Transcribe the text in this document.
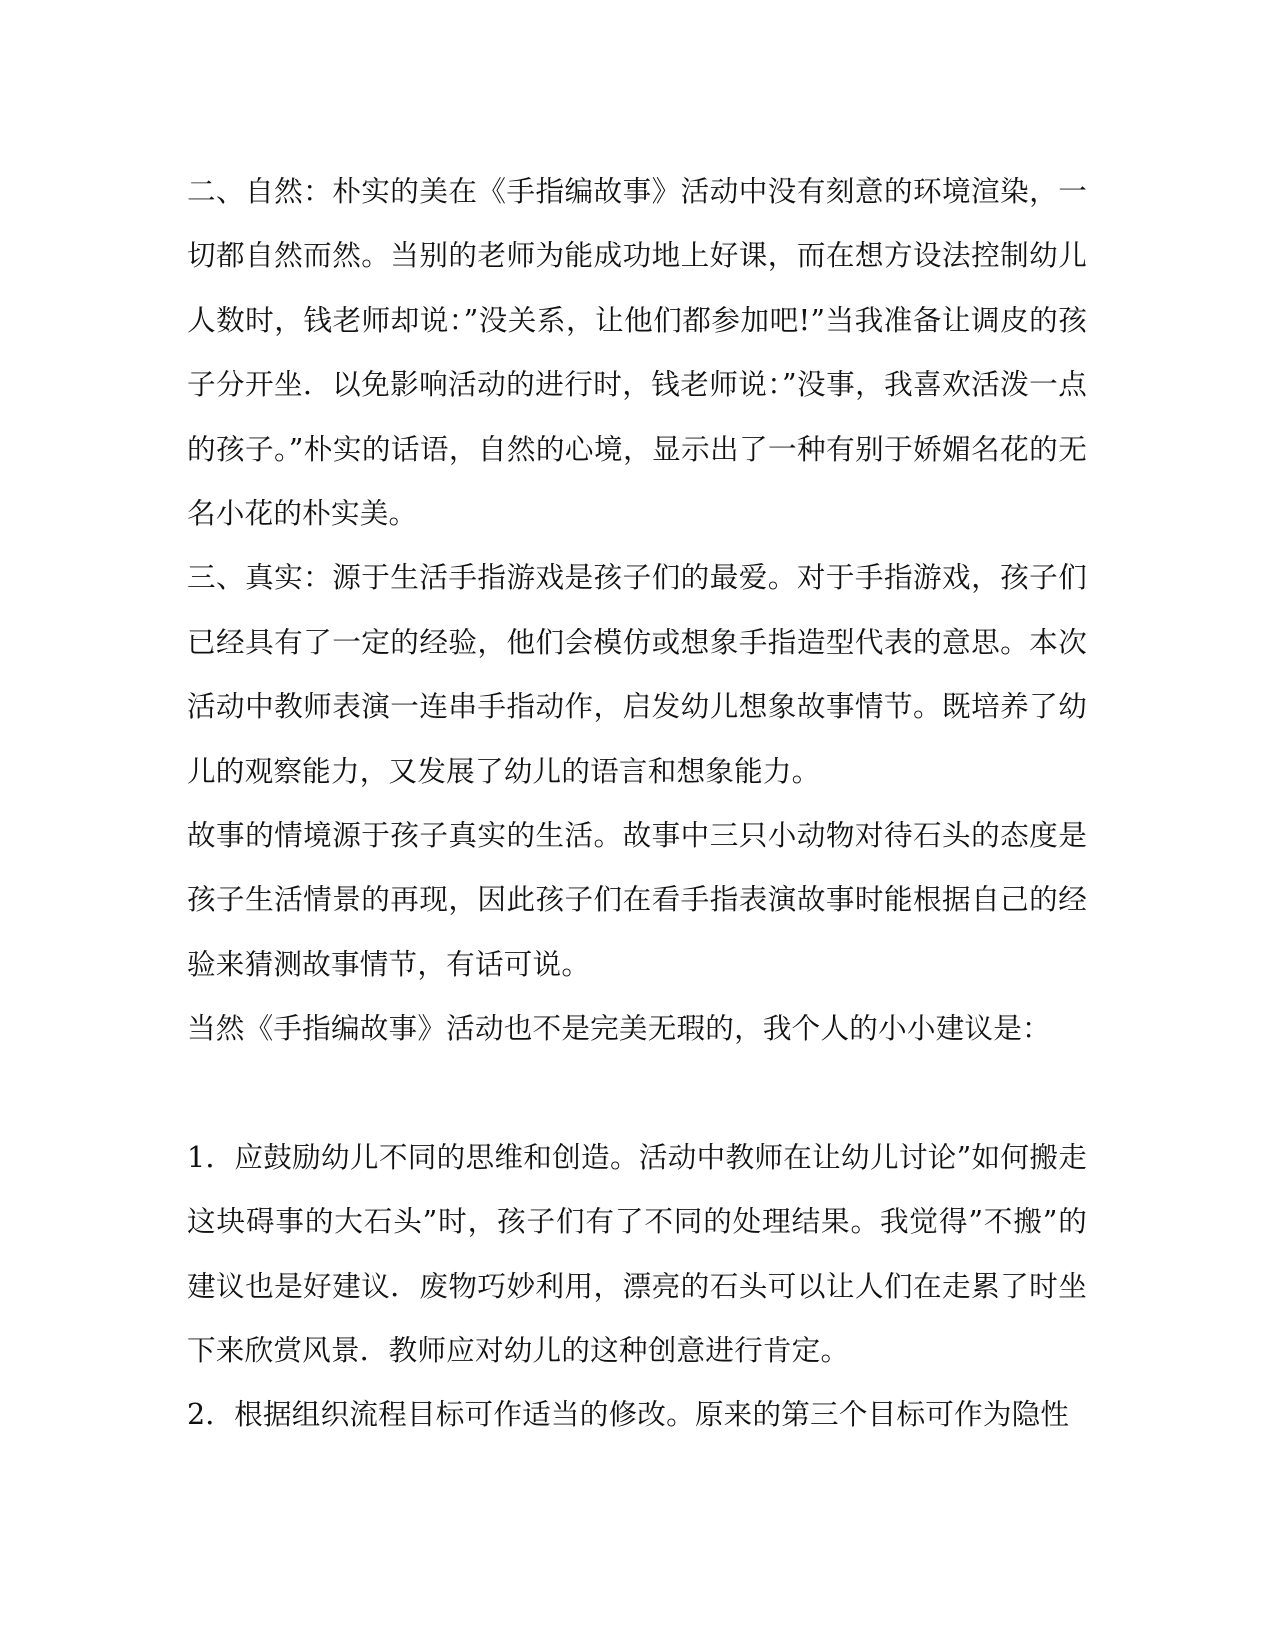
二、自然：朴实的美在《手指编故事》活动中没有刻意的环境渲染，一切都自然而然。当别的老师为能成功地上好课，而在想方设法控制幼儿人数时，钱老师却说：”没关系，让他们都参加吧!”当我准备让调皮的孩子分开坐．以免影响活动的进行时，钱老师说：”没事，我喜欢活泼一点的孩子。”朴实的话语，自然的心境，显示出了一种有别于娇媚名花的无名小花的朴实美。

三、真实：源于生活手指游戏是孩子们的最爱。对于手指游戏，孩子们已经具有了一定的经验，他们会模仿或想象手指造型代表的意思。本次活动中教师表演一连串手指动作，启发幼儿想象故事情节。既培养了幼儿的观察能力，又发展了幼儿的语言和想象能力。

故事的情境源于孩子真实的生活。故事中三只小动物对待石头的态度是孩子生活情景的再现，因此孩子们在看手指表演故事时能根据自己的经验来猜测故事情节，有话可说。

当然《手指编故事》活动也不是完美无瑕的，我个人的小小建议是：

1．应鼓励幼儿不同的思维和创造。活动中教师在让幼儿讨论”如何搬走这块碍事的大石头”时，孩子们有了不同的处理结果。我觉得”不搬”的建议也是好建议．废物巧妙利用，漂亮的石头可以让人们在走累了时坐下来欣赏风景．教师应对幼儿的这种创意进行肯定。

2．根据组织流程目标可作适当的修改。原来的第三个目标可作为隐性
